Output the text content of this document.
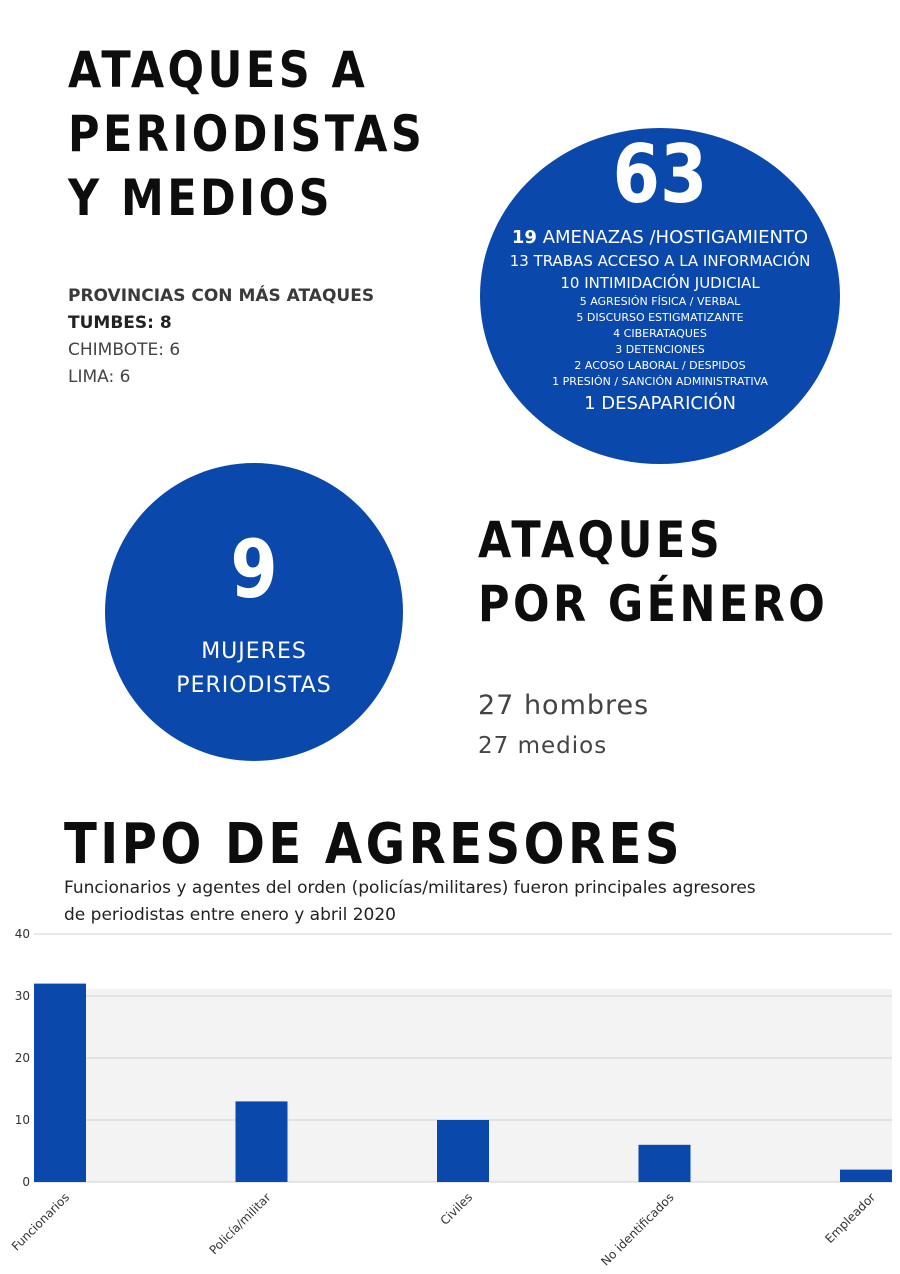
ATAQUES A
PERIODISTAS
Y MEDIOS
PROVINCIAS CON MÁS ATAQUES
TUMBES: 8
CHIMBOTE: 6
LIMA: 6
63
19 AMENAZAS /HOSTIGAMIENTO
13 TRABAS ACCESO A LA INFORMACIÓN
10 INTIMIDACIÓN JUDICIAL
5 AGRESIÓN FÍSICA / VERBAL
5 DISCURSO ESTIGMATIZANTE
4 CIBERATAQUES
3 DETENCIONES
2 ACOSO LABORAL / DESPIDOS
1 PRESIÓN / SANCIÓN ADMINISTRATIVA
1 DESAPARICIÓN
9
MUJERES
PERIODISTAS
ATAQUES
POR GÉNERO
27 hombres
27 medios
TIPO DE AGRESORES
Funcionarios y agentes del orden (policías/militares) fueron principales agresores
de periodistas entre enero y abril 2020
0
10
20
30
40
Funcionarios	Policía/militar	Civiles	No identificados	Empleador
